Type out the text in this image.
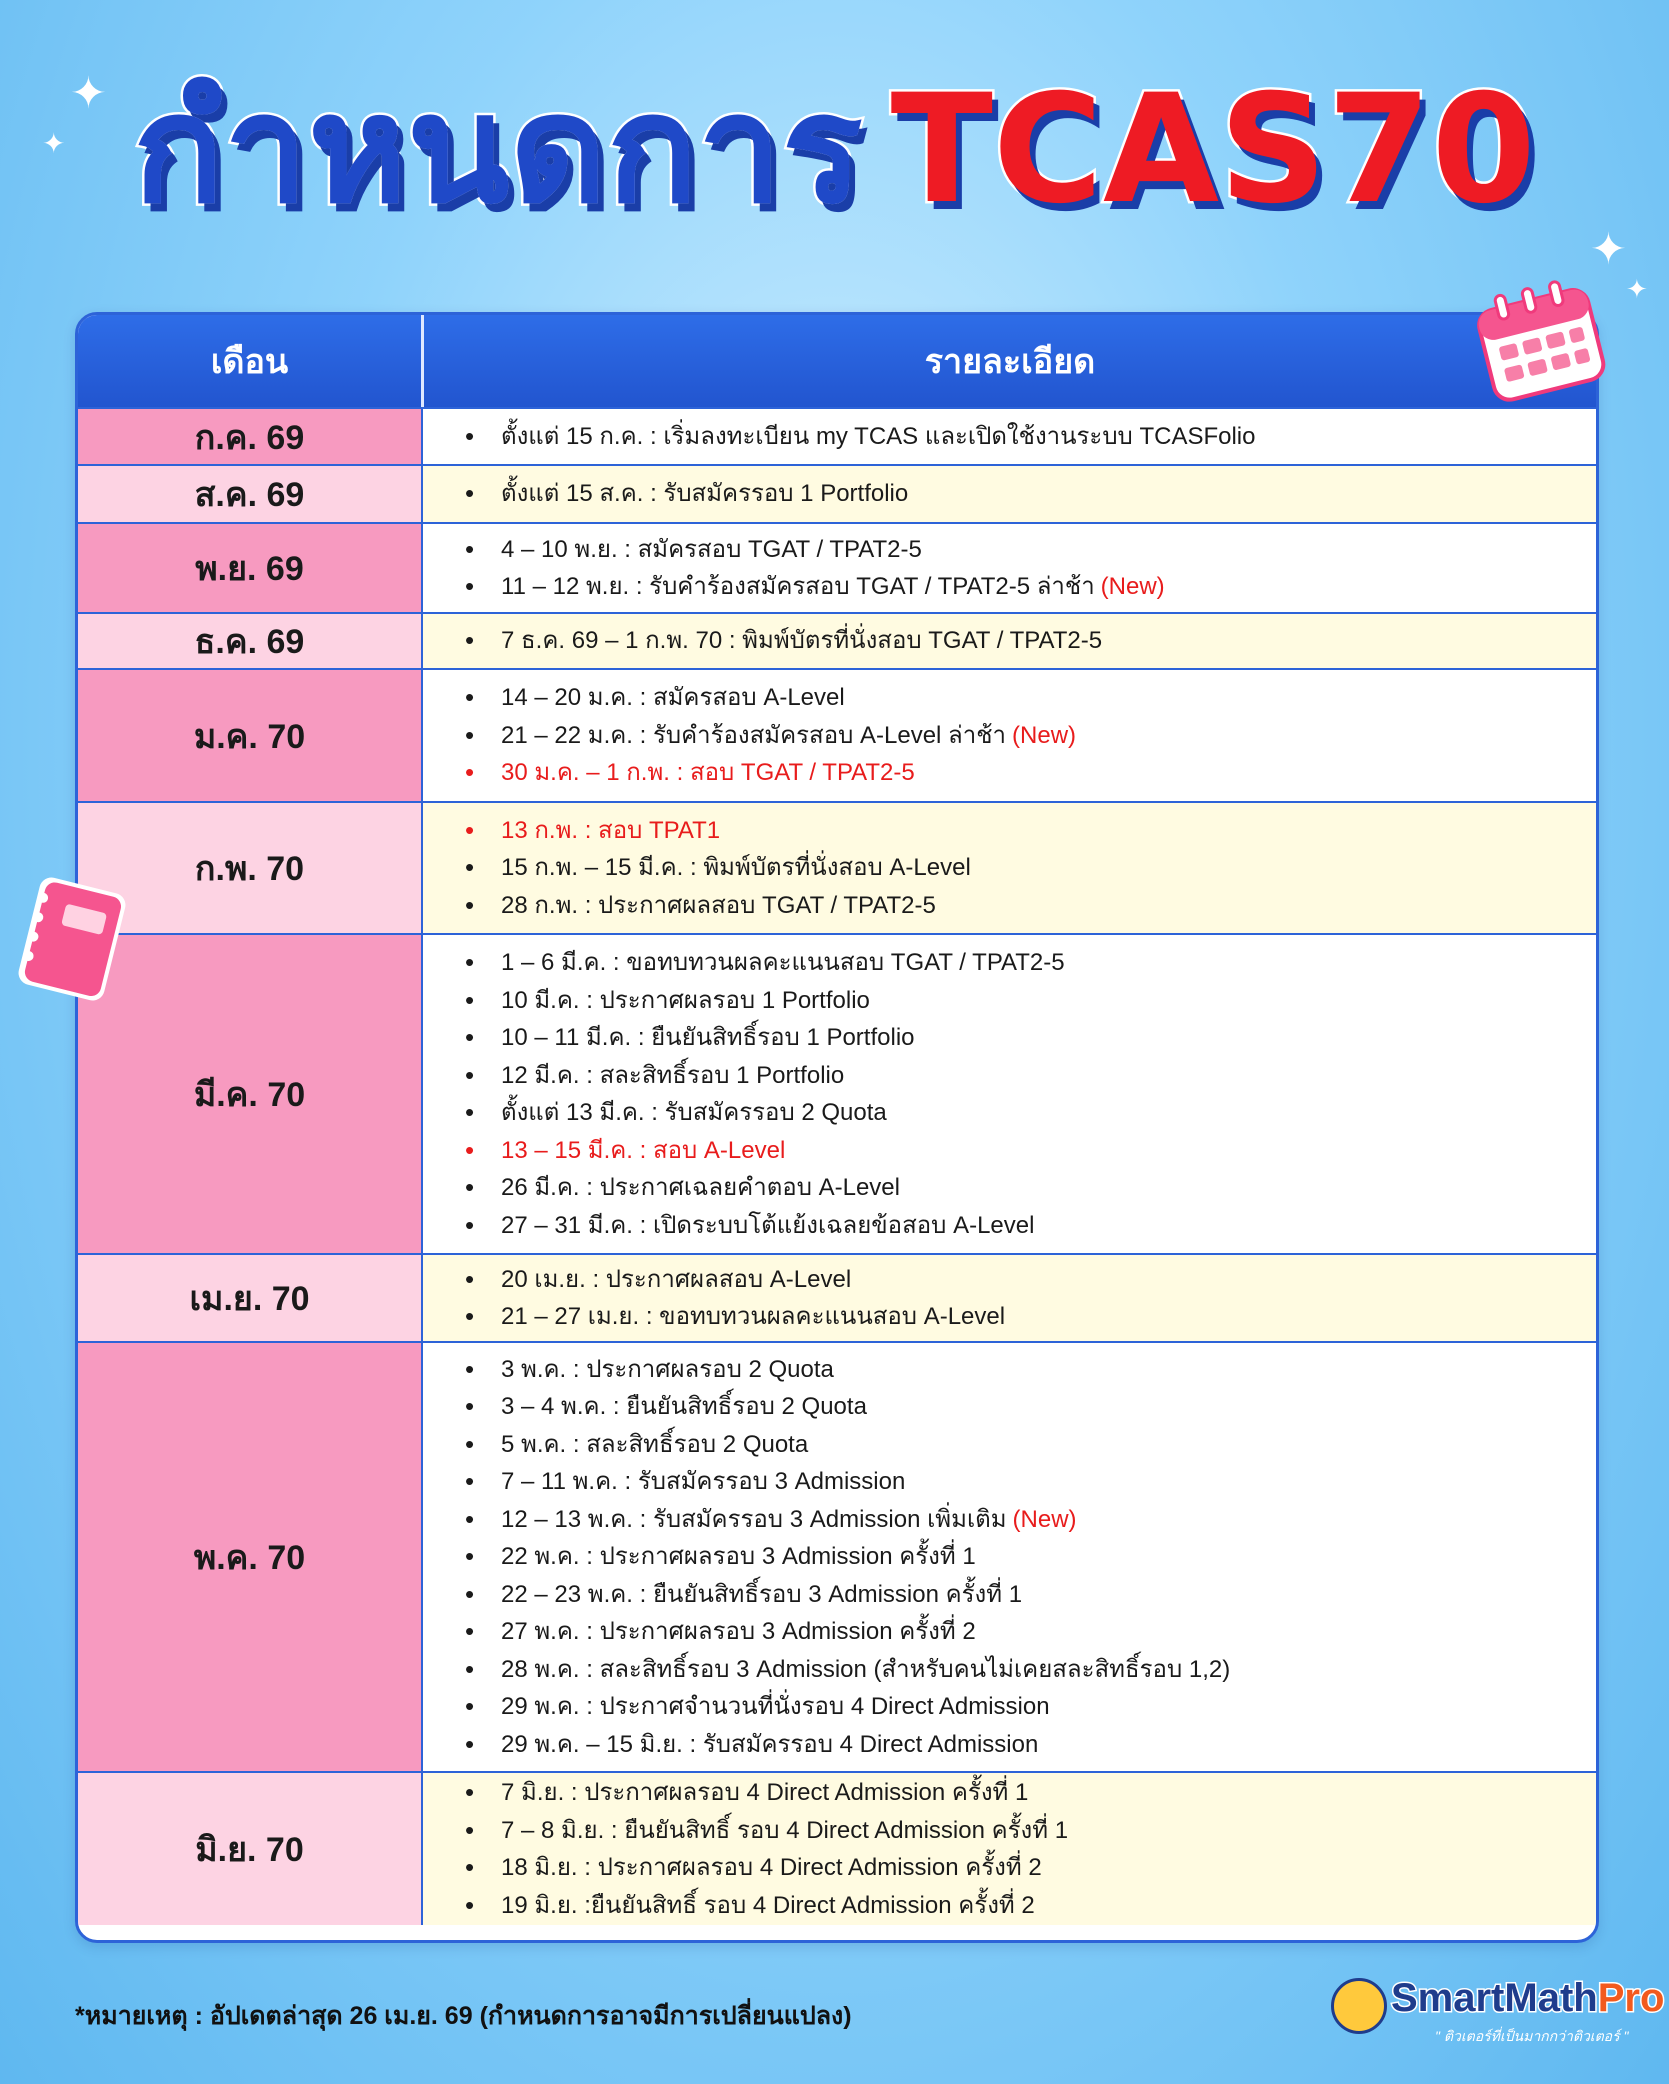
✦
✦
✦
✦
กำหนดการ TCAS70
เดือน	รายละเอียด
ก.ค. 69	• ตั้งแต่ 15 ก.ค. : เริ่มลงทะเบียน my TCAS และเปิดใช้งานระบบ TCASFolio
ส.ค. 69	• ตั้งแต่ 15 ส.ค. : รับสมัครรอบ 1 Portfolio
พ.ย. 69
• 4 – 10 พ.ย. : สมัครสอบ TGAT / TPAT2-5
• 11 – 12 พ.ย. : รับคำร้องสมัครสอบ TGAT / TPAT2-5 ล่าช้า (New)
ธ.ค. 69	• 7 ธ.ค. 69 – 1 ก.พ. 70 : พิมพ์บัตรที่นั่งสอบ TGAT / TPAT2-5
ม.ค. 70
• 14 – 20 ม.ค. : สมัครสอบ A-Level
• 21 – 22 ม.ค. : รับคำร้องสมัครสอบ A-Level ล่าช้า (New)
• 30 ม.ค. – 1 ก.พ. : สอบ TGAT / TPAT2-5
ก.พ. 70
• 13 ก.พ. : สอบ TPAT1
• 15 ก.พ. – 15 มี.ค. : พิมพ์บัตรที่นั่งสอบ A-Level
• 28 ก.พ. : ประกาศผลสอบ TGAT / TPAT2-5
มี.ค. 70
• 1 – 6 มี.ค. : ขอทบทวนผลคะแนนสอบ TGAT / TPAT2-5
• 10 มี.ค. : ประกาศผลรอบ 1 Portfolio
• 10 – 11 มี.ค. : ยืนยันสิทธิ์รอบ 1 Portfolio
• 12 มี.ค. : สละสิทธิ์รอบ 1 Portfolio
• ตั้งแต่ 13 มี.ค. : รับสมัครรอบ 2 Quota
• 13 – 15 มี.ค. : สอบ A-Level
• 26 มี.ค. : ประกาศเฉลยคำตอบ A-Level
• 27 – 31 มี.ค. : เปิดระบบโต้แย้งเฉลยข้อสอบ A-Level
เม.ย. 70
• 20 เม.ย. : ประกาศผลสอบ A-Level
• 21 – 27 เม.ย. : ขอทบทวนผลคะแนนสอบ A-Level
พ.ค. 70
• 3 พ.ค. : ประกาศผลรอบ 2 Quota
• 3 – 4 พ.ค. : ยืนยันสิทธิ์รอบ 2 Quota
• 5 พ.ค. : สละสิทธิ์รอบ 2 Quota
• 7 – 11 พ.ค. : รับสมัครรอบ 3 Admission
• 12 – 13 พ.ค. : รับสมัครรอบ 3 Admission เพิ่มเติม (New)
• 22 พ.ค. : ประกาศผลรอบ 3 Admission ครั้งที่ 1
• 22 – 23 พ.ค. : ยืนยันสิทธิ์รอบ 3 Admission ครั้งที่ 1
• 27 พ.ค. : ประกาศผลรอบ 3 Admission ครั้งที่ 2
• 28 พ.ค. : สละสิทธิ์รอบ 3 Admission (สำหรับคนไม่เคยสละสิทธิ์รอบ 1,2)
• 29 พ.ค. : ประกาศจำนวนที่นั่งรอบ 4 Direct Admission
• 29 พ.ค. – 15 มิ.ย. : รับสมัครรอบ 4 Direct Admission
มิ.ย. 70
• 7 มิ.ย. : ประกาศผลรอบ 4 Direct Admission ครั้งที่ 1
• 7 – 8 มิ.ย. : ยืนยันสิทธิ์ รอบ 4 Direct Admission ครั้งที่ 1
• 18 มิ.ย. : ประกาศผลรอบ 4 Direct Admission ครั้งที่ 2
• 19 มิ.ย. :ยืนยันสิทธิ์ รอบ 4 Direct Admission ครั้งที่ 2
*หมายเหตุ : อัปเดตล่าสุด 26 เม.ย. 69 (กำหนดการอาจมีการเปลี่ยนแปลง)	SmartMathPro
" ติวเตอร์ที่เป็นมากกว่าติวเตอร์ "
